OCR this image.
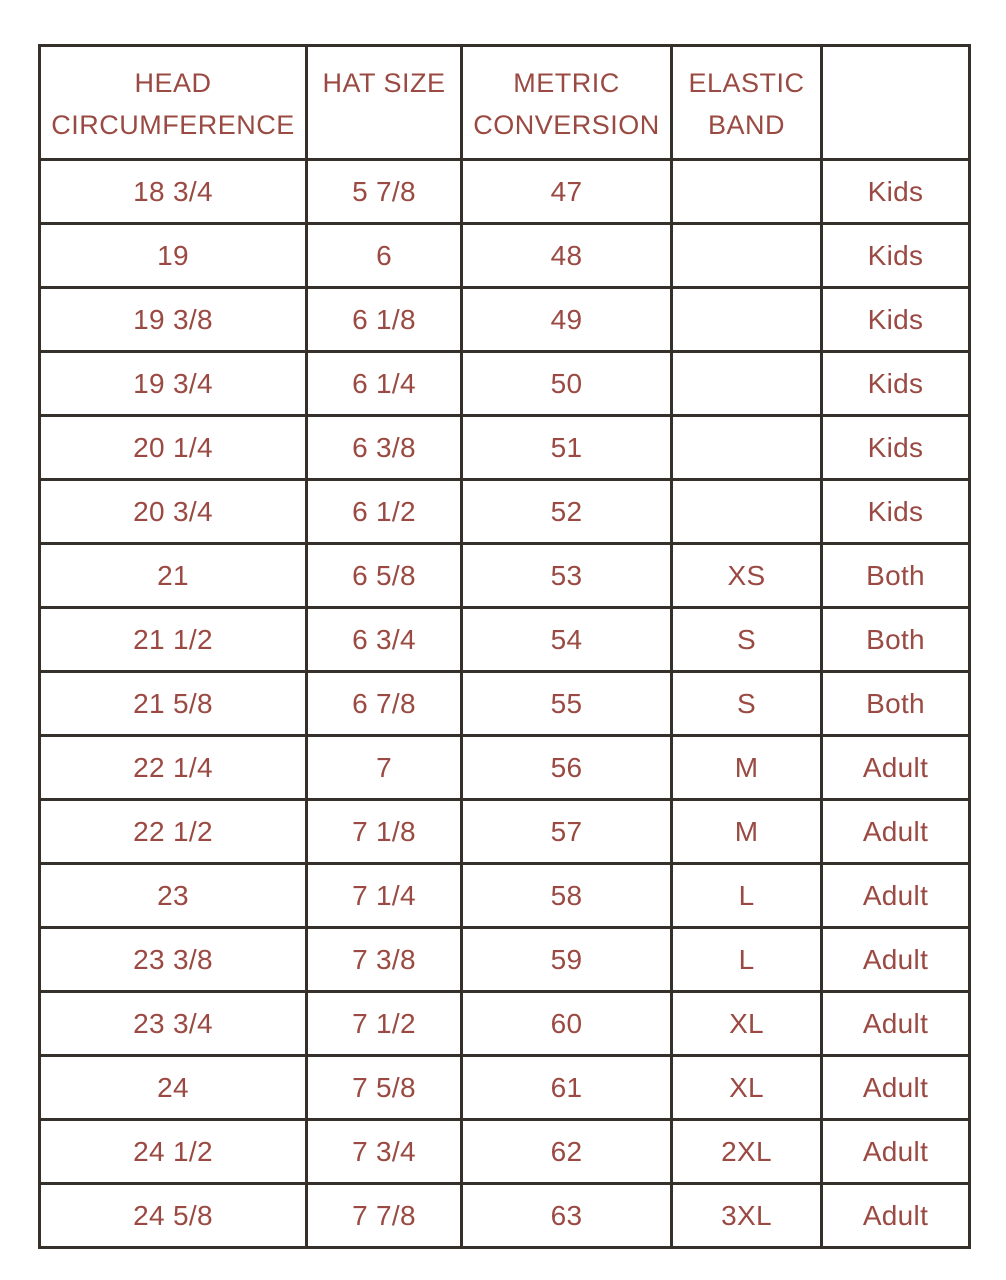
HEAD CIRCUMFERENCE	HAT SIZE	METRIC CONVERSION	ELASTIC BAND	
18 3/4	5 7/8	47		Kids
19	6	48		Kids
19 3/8	6 1/8	49		Kids
19 3/4	6 1/4	50		Kids
20 1/4	6 3/8	51		Kids
20 3/4	6 1/2	52		Kids
21	6 5/8	53	XS	Both
21 1/2	6 3/4	54	S	Both
21 5/8	6 7/8	55	S	Both
22 1/4	7	56	M	Adult
22 1/2	7 1/8	57	M	Adult
23	7 1/4	58	L	Adult
23 3/8	7 3/8	59	L	Adult
23 3/4	7 1/2	60	XL	Adult
24	7 5/8	61	XL	Adult
24 1/2	7 3/4	62	2XL	Adult
24 5/8	7 7/8	63	3XL	Adult
